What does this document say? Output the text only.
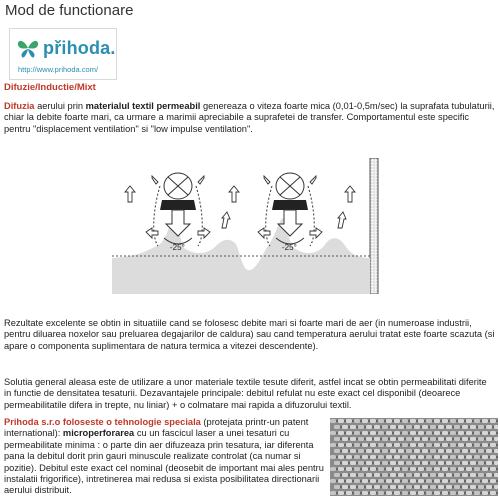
Mod de functionare
přihoda.
http://www.prihoda.com/
Difuzie/Inductie/Mixt
Difuzia aerului prin materialul textil permeabil genereaza o viteza foarte mica (0,01-0,5m/sec) la suprafata tubulaturii, chiar la debite foarte mari, ca urmare a marimii apreciabile a suprafetei de transfer. Comportamentul este specific pentru "displacement ventilation" si "low impulse ventilation".
-25°	-25°
Rezultate excelente se obtin in situatiile cand se folosesc debite mari si foarte mari de aer (in numeroase industrii, pentru diluarea noxelor sau preluarea degajarilor de caldura) sau cand temperatura aerului tratat este foarte scazuta (si apare o componenta suplimentara de natura termica a vitezei descendente).
Solutia general aleasa este de utilizare a unor materiale textile tesute diferit, astfel incat se obtin permeabilitati diferite in functie de densitatea tesaturii. Dezavantajele principale: debitul refulat nu este exact cel disponibil (deoarece permeabilitatile difera in trepte, nu liniar) + o colmatare mai rapida a difuzorului textil.
Prihoda s.r.o foloseste o tehnologie speciala (protejata printr-un patent international): microperforarea cu un fascicul laser a unei tesaturi cu permeabilitate minima : o parte din aer difuzeaza prin tesatura, iar diferenta pana la debitul dorit prin gauri minuscule realizate controlat (ca numar si pozitie). Debitul este exact cel nominal (deosebit de important mai ales pentru instalatii frigorifice), intretinerea mai redusa si exista posibilitatea directionarii aerului distribuit.
